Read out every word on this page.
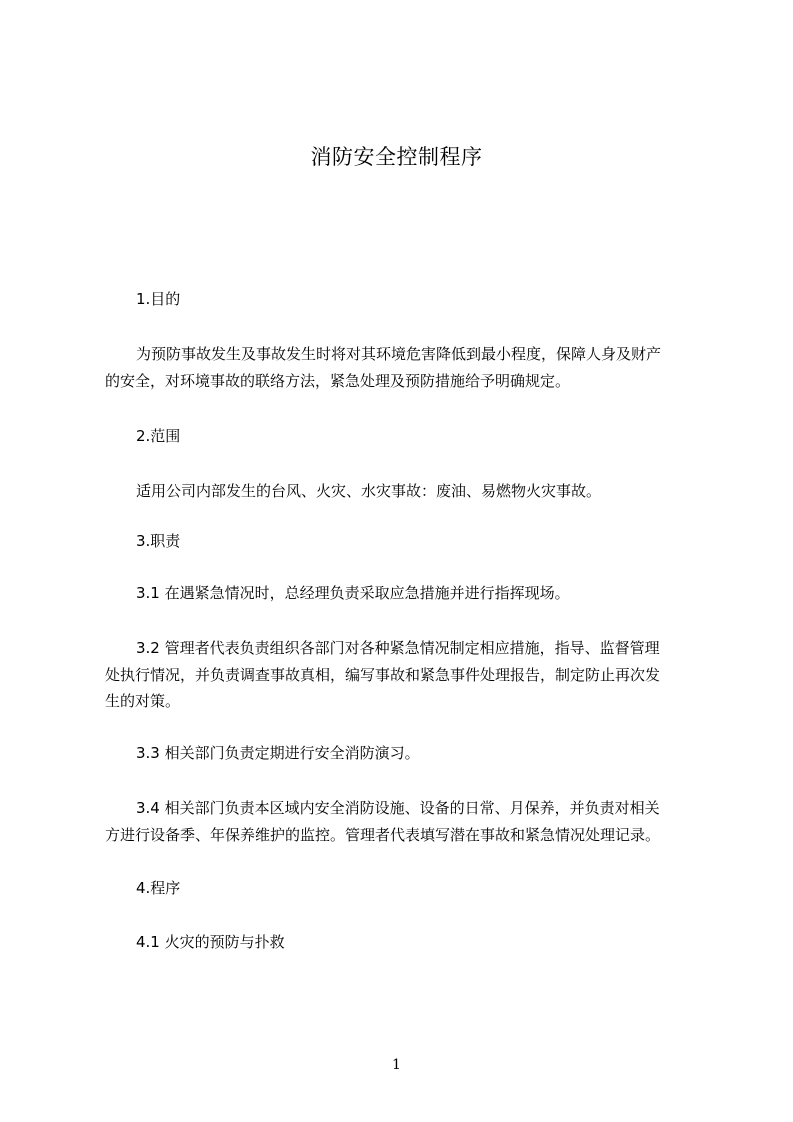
消防安全控制程序
1.目的
为预防事故发生及事故发生时将对其环境危害降低到最小程度，保障人身及财产
的安全，对环境事故的联络方法，紧急处理及预防措施给予明确规定。
2.范围
适用公司内部发生的台风、火灾、水灾事故：废油、易燃物火灾事故。
3.职责
3.1 在遇紧急情况时，总经理负责采取应急措施并进行指挥现场。
3.2 管理者代表负责组织各部门对各种紧急情况制定相应措施，指导、监督管理
处执行情况，并负责调查事故真相，编写事故和紧急事件处理报告，制定防止再次发
生的对策。
3.3 相关部门负责定期进行安全消防演习。
3.4 相关部门负责本区域内安全消防设施、设备的日常、月保养，并负责对相关
方进行设备季、年保养维护的监控。管理者代表填写潜在事故和紧急情况处理记录。
4.程序
4.1 火灾的预防与扑救
1
